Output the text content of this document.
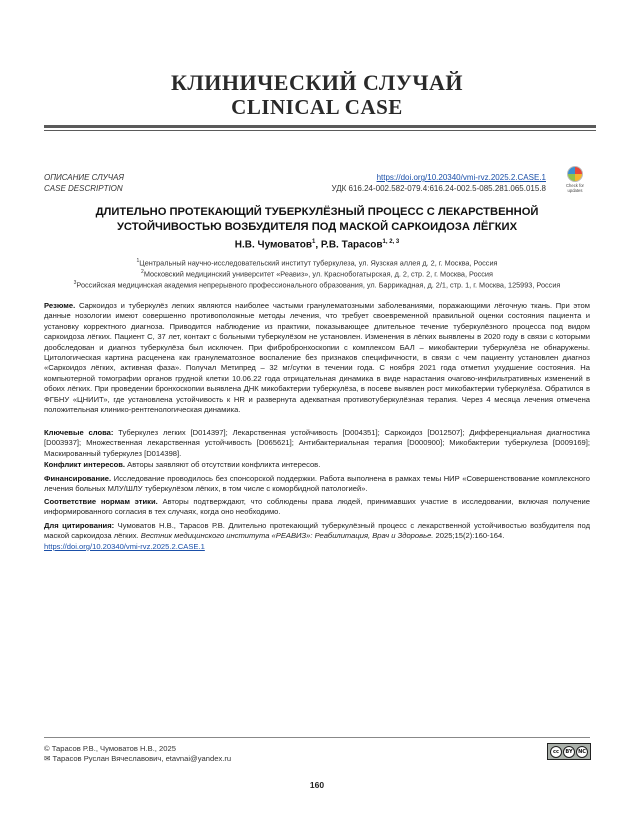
КЛИНИЧЕСКИЙ СЛУЧАЙ
CLINICAL CASE
ОПИСАНИЕ СЛУЧАЯ
CASE DESCRIPTION
https://doi.org/10.20340/vmi-rvz.2025.2.CASE.1
УДК 616.24-002.582-079.4:616.24-002.5-085.281.065.015.8	Check for updates
ДЛИТЕЛЬНО ПРОТЕКАЮЩИЙ ТУБЕРКУЛЁЗНЫЙ ПРОЦЕСС С ЛЕКАРСТВЕННОЙ УСТОЙЧИВОСТЬЮ ВОЗБУДИТЕЛЯ ПОД МАСКОЙ САРКОИДОЗА ЛЁГКИХ
Н.В. Чумоватов$^1$, Р.В. Тарасов$^{1, 2, 3}$
$^1$Центральный научно-исследовательский институт туберкулеза, ул. Яузская аллея д. 2, г. Москва, Россия
$^2$Московский медицинский университет «Реавиз», ул. Краснобогатырская, д. 2, стр. 2, г. Москва, Россия
$^3$Российская медицинская академия непрерывного профессионального образования, ул. Баррикадная, д. 2/1, стр. 1, г. Москва, 125993, Россия
Резюме. Саркоидоз и туберкулёз легких являются наиболее частыми гранулематозными заболеваниями, поражающими лёгочную ткань. При этом данные нозологии имеют совершенно противоположные методы лечения, что требует своевременной правильной оценки состояния пациента и установку корректного диагноза. Приводится наблюдение из практики, показывающее длительное течение туберкулёзного процесса под видом саркоидоза лёгких. Пациент С, 37 лет, контакт с больными туберкулёзом не установлен. Изменения в лёгких выявлены в 2020 году в связи с которыми дообследован и диагноз туберкулёза был исключен. При фибробронхоскопии с комплексом БАЛ – микобактерии туберкулёза не обнаружены. Цитологическая картина расценена как гранулематозное воспаление без признаков специфичности, в связи с чем пациенту установлен диагноз «Саркоидоз лёгких, активная фаза». Получал Метипред – 32 мг/сутки в течении года. С ноября 2021 года отметил ухудшение состояния. На компьютерной томографии органов грудной клетки 10.06.22 года отрицательная динамика в виде нарастания очагово-инфильтративных изменений в обоих лёгких. При проведении бронхоскопии выявлена ДНК микобактерии туберкулёза, в посеве выявлен рост микобактерии туберкулёза. Обратился в ФГБНУ «ЦНИИТ», где установлена устойчивость к HR и развернута адекватная противотуберкулёзная терапия. Через 4 месяца лечения отмечена положительная клинико-рентгенологическая динамика.
Ключевые слова: Туберкулез легких [D014397]; Лекарственная устойчивость [D004351]; Саркоидоз [D012507]; Дифференциальная диагностика [D003937]; Множественная лекарственная устойчивость [D065621]; Антибактериальная терапия [D000900]; Микобактерии туберкулеза [D009169]; Маскированный туберкулез [D014398].
Конфликт интересов. Авторы заявляют об отсутствии конфликта интересов.
Финансирование. Исследование проводилось без спонсорской поддержки. Работа выполнена в рамках темы НИР «Совершенствование комплексного лечения больных МЛУ/ШЛУ туберкулёзом лёгких, в том числе с коморбидной патологией».
Соответствие нормам этики. Авторы подтверждают, что соблюдены права людей, принимавших участие в исследовании, включая получение информированного согласия в тех случаях, когда оно необходимо.
Для цитирования: Чумоватов Н.В., Тарасов Р.В. Длительно протекающий туберкулёзный процесс с лекарственной устойчивостью возбудителя под маской саркоидоза лёгких. Вестник медицинского института «РЕАВИЗ»: Реабилитация, Врач и Здоровье. 2025;15(2):160-164.
https://doi.org/10.20340/vmi-rvz.2025.2.CASE.1
© Тарасов Р.В., Чумоватов Н.В., 2025
✉ Тарасов Руслан Вячеславович, etavnai@yandex.ru
cc	BY	NC
160
